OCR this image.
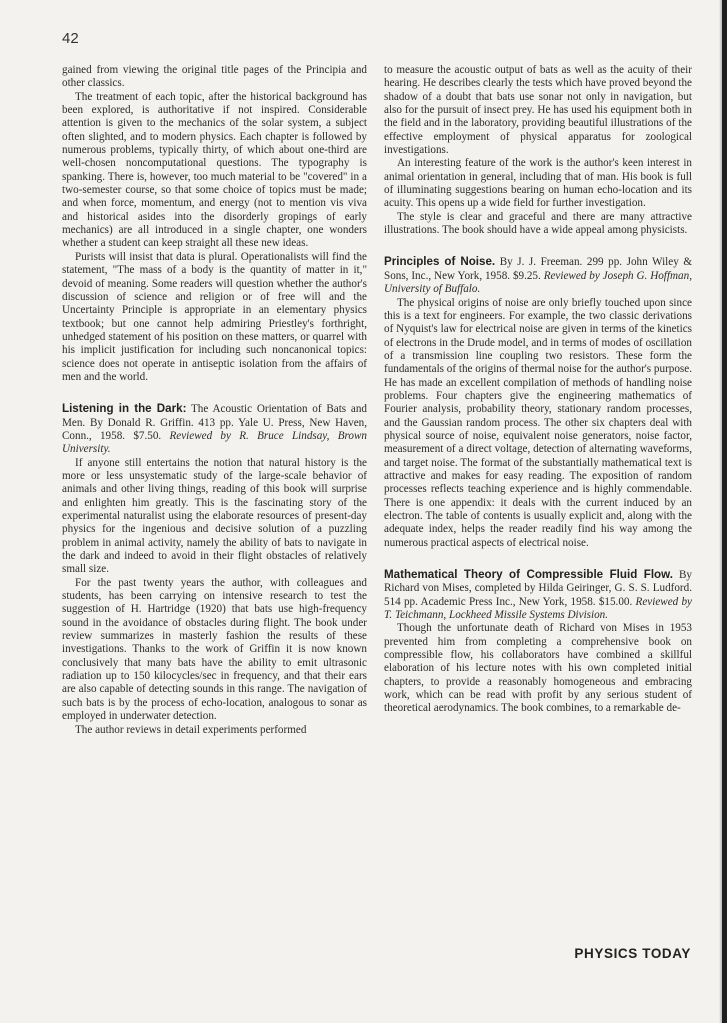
42

gained from viewing the original title pages of the Principia and other classics.

The treatment of each topic, after the historical background has been explored, is authoritative if not inspired. Considerable attention is given to the mechanics of the solar system, a subject often slighted, and to modern physics. Each chapter is followed by numerous problems, typically thirty, of which about one-third are well-chosen noncomputational questions. The typography is spanking. There is, however, too much material to be "covered" in a two-semester course, so that some choice of topics must be made; and when force, momentum, and energy (not to mention vis viva and historical asides into the disorderly gropings of early mechanics) are all introduced in a single chapter, one wonders whether a student can keep straight all these new ideas.

Purists will insist that data is plural. Operationalists will find the statement, "The mass of a body is the quantity of matter in it," devoid of meaning. Some readers will question whether the author's discussion of science and religion or of free will and the Uncertainty Principle is appropriate in an elementary physics textbook; but one cannot help admiring Priestley's forthright, unhedged statement of his position on these matters, or quarrel with his implicit justification for including such noncanonical topics: science does not operate in antiseptic isolation from the affairs of men and the world.

Listening in the Dark: The Acoustic Orientation of Bats and Men. By Donald R. Griffin. 413 pp. Yale U. Press, New Haven, Conn., 1958. $7.50. Reviewed by R. Bruce Lindsay, Brown University.

If anyone still entertains the notion that natural history is the more or less unsystematic study of the large-scale behavior of animals and other living things, reading of this book will surprise and enlighten him greatly. This is the fascinating story of the experimental naturalist using the elaborate resources of present-day physics for the ingenious and decisive solution of a puzzling problem in animal activity, namely the ability of bats to navigate in the dark and indeed to avoid in their flight obstacles of relatively small size.

For the past twenty years the author, with colleagues and students, has been carrying on intensive research to test the suggestion of H. Hartridge (1920) that bats use high-frequency sound in the avoidance of obstacles during flight. The book under review summarizes in masterly fashion the results of these investigations. Thanks to the work of Griffin it is now known conclusively that many bats have the ability to emit ultrasonic radiation up to 150 kilocycles/sec in frequency, and that their ears are also capable of detecting sounds in this range. The navigation of such bats is by the process of echo-location, analogous to sonar as employed in underwater detection.

The author reviews in detail experiments performed

to measure the acoustic output of bats as well as the acuity of their hearing. He describes clearly the tests which have proved beyond the shadow of a doubt that bats use sonar not only in navigation, but also for the pursuit of insect prey. He has used his equipment both in the field and in the laboratory, providing beautiful illustrations of the effective employment of physical apparatus for zoological investigations.

An interesting feature of the work is the author's keen interest in animal orientation in general, including that of man. His book is full of illuminating suggestions bearing on human echo-location and its acuity. This opens up a wide field for further investigation.

The style is clear and graceful and there are many attractive illustrations. The book should have a wide appeal among physicists.

Principles of Noise. By J. J. Freeman. 299 pp. John Wiley & Sons, Inc., New York, 1958. $9.25. Reviewed by Joseph G. Hoffman, University of Buffalo.

The physical origins of noise are only briefly touched upon since this is a text for engineers. For example, the two classic derivations of Nyquist's law for electrical noise are given in terms of the kinetics of electrons in the Drude model, and in terms of modes of oscillation of a transmission line coupling two resistors. These form the fundamentals of the origins of thermal noise for the author's purpose. He has made an excellent compilation of methods of handling noise problems. Four chapters give the engineering mathematics of Fourier analysis, probability theory, stationary random processes, and the Gaussian random process. The other six chapters deal with physical source of noise, equivalent noise generators, noise factor, measurement of a direct voltage, detection of alternating waveforms, and target noise. The format of the substantially mathematical text is attractive and makes for easy reading. The exposition of random processes reflects teaching experience and is highly commendable. There is one appendix: it deals with the current induced by an electron. The table of contents is usually explicit and, along with the adequate index, helps the reader readily find his way among the numerous practical aspects of electrical noise.

Mathematical Theory of Compressible Fluid Flow. By Richard von Mises, completed by Hilda Geiringer, G. S. S. Ludford. 514 pp. Academic Press Inc., New York, 1958. $15.00. Reviewed by T. Teichmann, Lockheed Missile Systems Division.

Though the unfortunate death of Richard von Mises in 1953 prevented him from completing a comprehensive book on compressible flow, his collaborators have combined a skillful elaboration of his lecture notes with his own completed initial chapters, to provide a reasonably homogeneous and embracing work, which can be read with profit by any serious student of theoretical aerodynamics. The book combines, to a remarkable de-

PHYSICS TODAY
